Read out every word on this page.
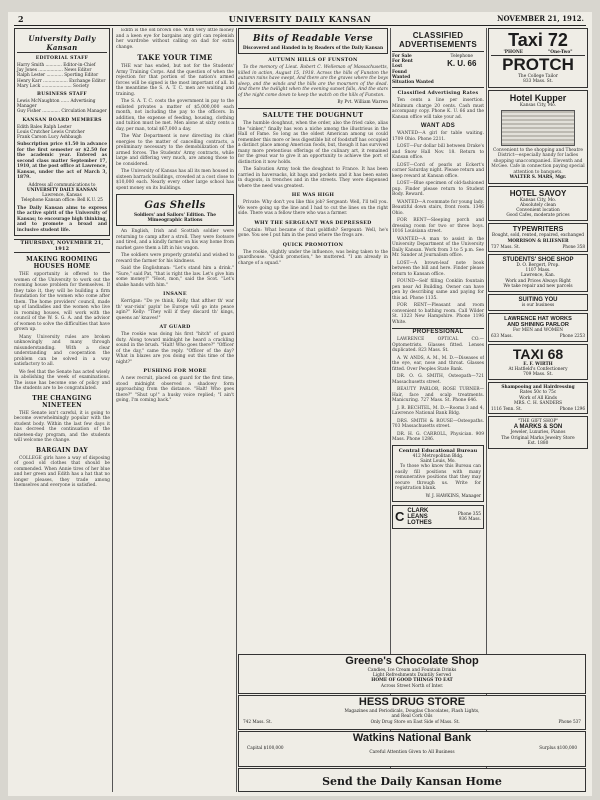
2	UNIVERSITY DAILY KANSAN	NOVEMBER 21, 1912.
University Daily Kansan
EDITORIAL STAFF
Harry Smith ............ Editor-in-Chief
Jay Jones .................. News Editor
Ralph Lester ............ Sporting Editor
Henry Karr .................. Exchange Editor
Mary Lock ...................... Society
BUSINESS STAFF
Lewis McNaughton ...... Advertising Manager
Guy Fisher ............. Circulation Manager
KANSAN BOARD MEMBERS
Edith Bales Ralph Lester
Louis Crutcher Lewis Crutcher
Frank Carson Lucy Ashbaugh
Subscription price $1.50 in advance for the first semester or $2.50 for the academic year. Entered as second class matter September 17, 1910, at the post office at Lawrence, Kansas, under the act of March 3, 1879.
Address all communications to
UNIVERSITY DAILY KANSAN
Lawrence, Kansas
Telephone Kansan office: Bell K.U. 25
The Daily Kansan aims to express the active spirit of the University of Kansas; to encourage high thinking, and to promote a broad and inclusive student life.
THURSDAY, NOVEMBER 21, 1912
MAKING ROOMING HOUSES HOME

THE opportunity is offered to the women of the University to work out the rooming house problem for themselves. If they take it, they will be building a firm foundation for the women who come after them. The home providers' council, made up of landladies and the women who live in rooming houses, will work with the council of the W. S. G. A. and the advisor of women to solve the difficulties that have grown up.

Many University rules are broken unknowingly and many through misunderstanding. With a clear understanding and cooperation the problem can be solved in a way satisfactory to all.

We feel that the Senate has acted wisely in abolishing the week of examinations. The issue has become one of policy and the students are to be congratulated.

THE CHANGING NINETEEN

THE Senate isn't careful, it is going to become overwhelmingly popular with the student body. Within the last few days it has decreed the continuation of the nineteen-day program, and the students will welcome the change.

BARGAIN DAY

COLLEGE girls have a way of disposing of good old clothes that should be commended. When Annie tires of her blue and her green and Edith has a hat that no longer pleases, they trade among themselves and everyone is satisfied.

Edith is the old brown one. With very little money and a keen eye for bargains any girl can replenish her wardrobe without calling on dad for extra change.

TAKE YOUR TIME

THE war has ended, but not for the Students' Army Training Corps. And the question of when the rejection for that portion of the nation's armed forces will be signed is the most important of all. In the meantime the S. A. T. C. men are waiting and training.

The S. A. T. C. costs the government in pay to the enlisted privates a matter of $5,000,000 each month, not including the pay to the officers. In addition, the expense of feeding, housing, clothing and tuition must be met. Men alone at sixty cents a day, per man, total $67,000 a day.

The War Department is now directing its chief energies to the matter of cancelling contracts, a preliminary necessary to the demobilization of the armed forces. The Students' Army contracts, while large and differing very much, are among those to be considered.

The University of Kansas has all its men housed in sixteen barrack buildings, crowded at a cost close to $10,000 each. Nearly every other large school has spent money on its buildings.

Gas Shells
Soldiers' and Sailors' Edition. The Mimeographic Rations

An English, Irish and Scottish soldier were returning to camp after a stroll. They were footsore and tired, and a kindly farmer on his way home from market gave them a lift in his wagon.

The soldiers were properly grateful and wished to reward the farmer for his kindness.

Said the Englishman: "Let's stand him a drink." "Sure," said Pat, "that is right the law. Let's give him some money!" "Hoot, mon," said the Scot. "Let's shake hands with him."

INSANE

Kerrigan: "Do ye think, Kelly, that afther th' war th' war-risin' payin' be Europe will go into peace agin?" Kelly: "They will if they discard th' kings, queens an' knaves!"

AT GUARD

The rookie was doing his first "hitch" of guard duty. Along toward midnight he heard a crackling sound in the brush. "Halt! Who goes there?" "Officer of the day," came the reply. "Officer of the day? What in blazes are you doing out this time of the night?"

PUSHING FOR MORE

A new recruit, placed on guard for the first time, stood midnight observed a shadowy form approaching from the distance. "Halt! Who goes there?" "Shut up!" a husky voice replied; "I ain't going, I'm coming back."

Bits of Readable Verse
Discovered and Handed in by Readers of the Daily Kansan
AUTUMN HILLS OF FUNSTON

To the memory of Lieut. Robert C. Welleman of Massachusetts, killed in action, August 15, 1918. Across the hills of Funston the autumn rains have swept, And there are the graves where the boys sleep, and the winds and the hills are the mourners of the dead. And there the twilight when the evening sunset falls, And the stars of the night come down to keep the watch on the hills of Funston.

By Pvt. William Warren
SALUTE THE DOUGHNUT

The humble doughnut, when the order, also the fried cake, alias the "sinker," finally has won a niche among the illustrious in the Hall of Fame. So long as the oldest American among us could remember this more or less digestible bit of foodstuff has occupied a distinct place among American foods, but, though it has survived many more pretentious offerings of the culinary art, it remained for the great war to give it an opportunity to achieve the port of distinction it now holds.

The Salvation Army took the doughnut to France. It has been carried in haversacks, kit bags and pockets and it has been eaten in dugouts, in trenches and in the streets. They were dispensed where the need was greatest.

HE WAS HIGH

Private: Why don't you like this job? Sergeant: Well, I'll tell you. We were going up the line and I had to cut the lines on the right side. There was a fellow there who was a farmer.

WHY THE SERGEANT WAS DEPRESSED

Captain: What became of that goldfish? Sergeant: Well, he's gone. You see I put him in the pond where the frogs are.

QUICK PROMOTION

The rookie, slightly under the influence, was being taken to the guardhouse. "Quick promotion," he muttered. "I am already in charge of a squad."

CLASSIFIED ADVERTISEMENTS
For Sale
For Rent
Lost
Found
Wanted
Situation Wanted
Telephone
K. U. 66
Classified Advertising Rates

Ten cents a line per insertion. Minimum charge 20 cents. Cash must accompany copy. Phone K. U. 66 and the Kansan office will take your ad.

WANT ADS

WANTED—A girl for table waiting. 1709 Ohio. Phone 2211.

LOST—Fur dollar bill between Drake's and Snow Hall Nov. 18. Return to Kansan office.

LOST—Cord of pearls at Eckert's corner Saturday night. Please return and keep reward at Kansan office.

LOST—Blue specimen of old-fashioned pup. Finder please return to Student Body. Reward.

WANTED—A roommate for young lady. Beautiful down stairs, front room. 1346 Ohio.

FOR RENT—Sleeping porch and dressing room for two or three boys. 1016 Louisiana street.

WANTED—A man to assist in the University Department of the University Daily Kansan. Work from 3 to 5 p.m. See Mr. Sander at Journalism office.

LOST—A brown-leaf note book between the bill and here. Finder please return to Kansan office.

FOUND—Self filling Conklin fountain pen near Ad Building. Owner can have pen by describing same and paying for this ad. Phone 1135.

FOR RENT—Pleasant and room convenient to bathing room. Call Wilder St. 1323 New Hampshire. Phone 1196 White.

PROFESSIONAL

LAWRENCE OPTICAL CO.—Optometrists. Glasses fitted. Lenses duplicated. 823 Mass. St.

A. W. ANDS, A. M., M. D.—Diseases of the eye, ear, nose and throat. Glasses fitted. Over Peoples State Bank.

DR. O. G. SMITH, Osteopath—721 Massachusetts street.

BEAUTY PARLOR, ROSE TURNER—Hair, face and scalp treatments. Manicuring. 727 Mass. St. Phone 646.

J. R. BECHTEL, M. D.—Rooms 3 and 4, Lawrence National Bank Bldg.

DRS. SMITH & ROUSE—Osteopaths. 703 Massachusetts street.

DR. H. G. CARROLL, Physician. 909 Mass. Phone 1286.

Central Educational Bureau
412 Metropolitan Bldg.
Saint Louis, Mo.

To those who know this Bureau can easily fill positions with many remunerative positions that they may secure through us. Write for registration blank.

W. J. HAWKINS, Manager
C CLARK
LEANS
LOTHES
Phone 355
936 Mass.
Taxi 72
'PHONE	"One-Two"
PROTCH
The College Tailor
833 Mass. St.
Hotel Kupper
Kansas City, Mo.
Convenient to the shopping and Theatre District—especially handy for ladies shopping unaccompanied. Eleventh and McGee. Cafe in connection paying special attention to banquets.
WALTER S. MARS, Mgr.
HOTEL SAVOY
Kansas City, Mo.
Absolutely clean
Convenient location
Good Cafes, moderate prices
TYPEWRITERS
Bought, sold, rented, repaired, exchanged
MORRISON & BLIESNER
737 Mass. St.	Phone 358
STUDENTS' SHOE SHOP
D. O. Bergert, Prop.
1107 Mass.
Lawrence, Kan.
Work and Prices Always Right
We take repair and new parcels
SUITING YOU
is our business
LAWRENCE HAT WORKS
AND SHINING PARLOR
For MEN and WOMEN
633 Mass.	Phone 2253
TAXI 68
E. F. WIRTH
At Hatfield's Confectionery
709 Mass. St.
Shampooing and Hairdressing
Rates 50c to 75c
Work of All Kinds
MRS. C. H. SANDERS
1116 Tenn. St.	Phone 1296
"THE GIFT SHOP"
A MARKS & SON
Jeweler, Luxuries, Pianos
The Original Marks Jewelry Store
Est. 1880
Greene's Chocolate Shop
Candies, Ice Cream and Fountain Drinks
Light Refreshments Daintily Served
HOME OF GOOD THINGS TO EAT
Across Street North of Inter.
HESS DRUG STORE
Magazines and Periodicals, Douglas Chocolates, Flash Lights,
and Real Cork Oils
742 Mass. St.	Only Drug Store on East Side of Mass. St.	Phone 537
Watkins National Bank
Capital $100,000	Surplus $100,000
Careful Attention Given to All Business
Send the Daily Kansan Home
